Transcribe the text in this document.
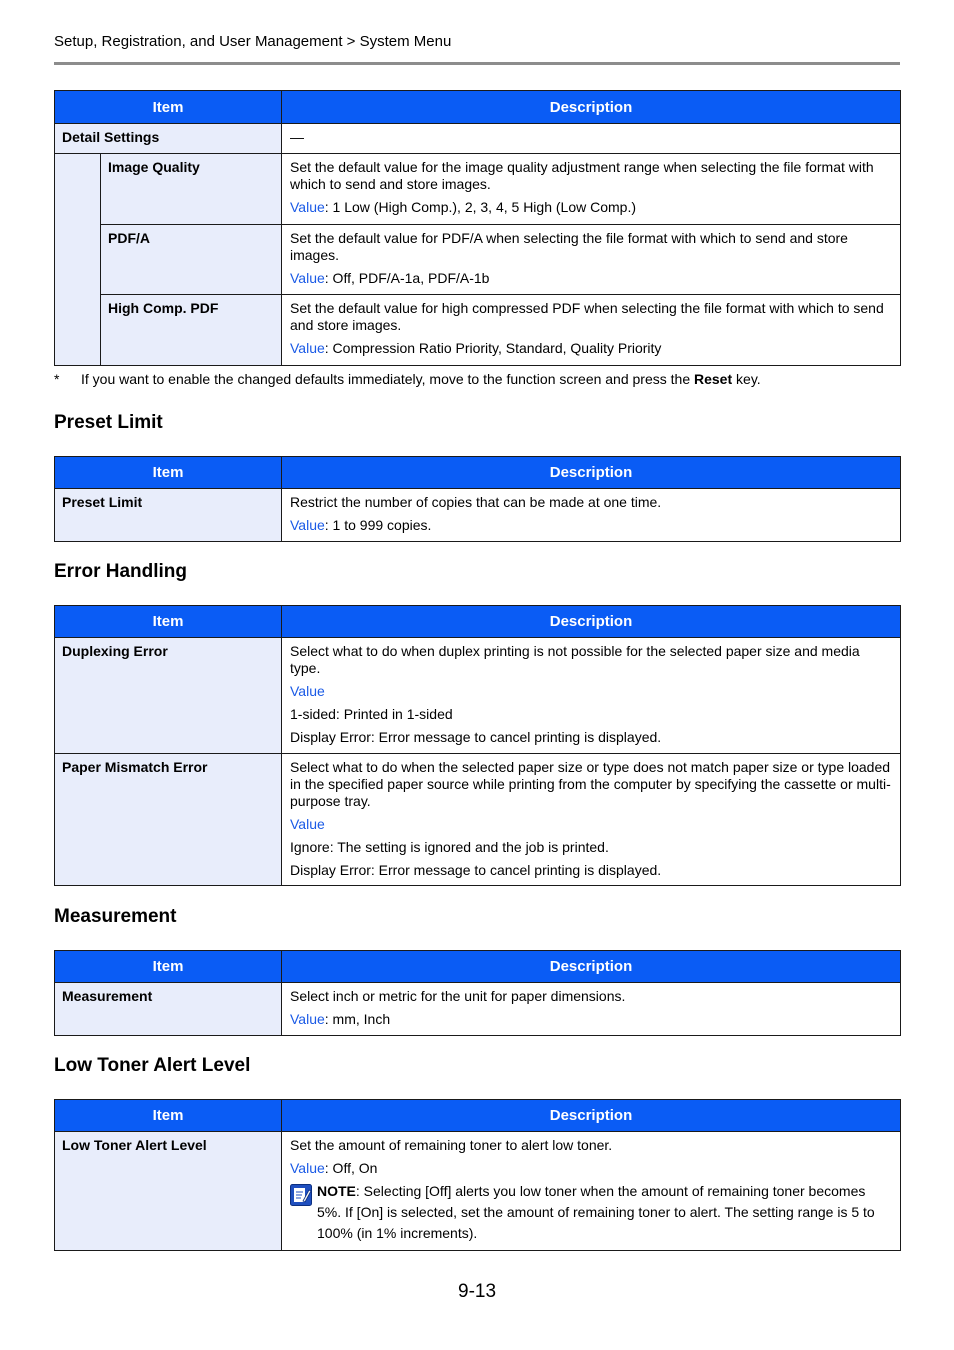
Setup, Registration, and User Management > System Menu
Item		Description
Detail Settings		—
	Image Quality	Set the default value for the image quality adjustment range when selecting the file format with which to send and store images.
Value: 1 Low (High Comp.), 2, 3, 4, 5 High (Low Comp.)

	PDF/A	Set the default value for PDF/A when selecting the file format with which to send and store images.
Value: Off, PDF/A-1a, PDF/A-1b

	High Comp. PDF	Set the default value for high compressed PDF when selecting the file format with which to send and store images.
Value: Compression Ratio Priority, Standard, Quality Priority
* If you want to enable the changed defaults immediately, move to the function screen and press the Reset key.
Preset Limit
Item	Description
Preset Limit	Restrict the number of copies that can be made at one time.
Value: 1 to 999 copies.
Error Handling
Item	Description
Duplexing Error	Select what to do when duplex printing is not possible for the selected paper size and media type.
Value
1-sided: Printed in 1-sided
Display Error: Error message to cancel printing is displayed.

Paper Mismatch Error	Select what to do when the selected paper size or type does not match paper size or type loaded in the specified paper source while printing from the computer by specifying the cassette or multi-purpose tray.
Value
Ignore: The setting is ignored and the job is printed.
Display Error: Error message to cancel printing is displayed.
Measurement
Item	Description
Measurement	Select inch or metric for the unit for paper dimensions.
Value: mm, Inch
Low Toner Alert Level
Item	Description
Low Toner Alert Level	Set the amount of remaining toner to alert low toner.
Value: Off, On
NOTE: Selecting [Off] alerts you low toner when the amount of remaining toner becomes 5%. If [On] is selected, set the amount of remaining toner to alert. The setting range is 5 to 100% (in 1% increments).
9-13
